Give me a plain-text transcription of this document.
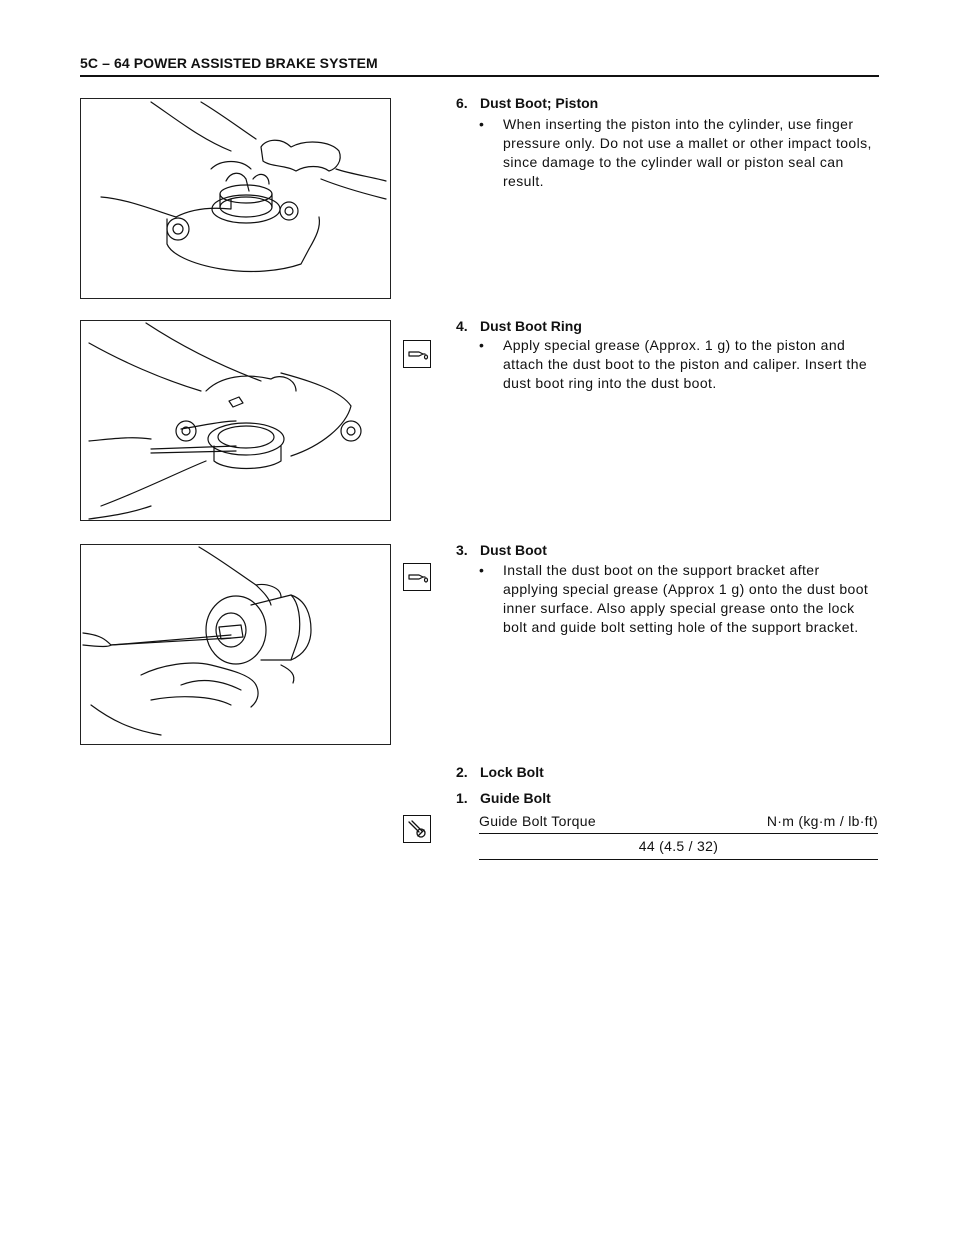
5C – 64 POWER ASSISTED BRAKE SYSTEM
6. Dust Boot; Piston
• When inserting the piston into the cylinder, use finger pressure only. Do not use a mallet or other impact tools, since damage to the cylinder wall or piston seal can result.
4. Dust Boot Ring
• Apply special grease (Approx. 1 g) to the piston and attach the dust boot to the piston and caliper. Insert the dust boot ring into the dust boot.
3. Dust Boot
• Install the dust boot on the support bracket after applying special grease (Approx 1 g) onto the dust boot inner surface. Also apply special grease onto the lock bolt and guide bolt setting hole of the support bracket.
2. Lock Bolt
1. Guide Bolt
Guide Bolt Torque	N·m (kg·m / lb·ft)
44 (4.5 / 32)
